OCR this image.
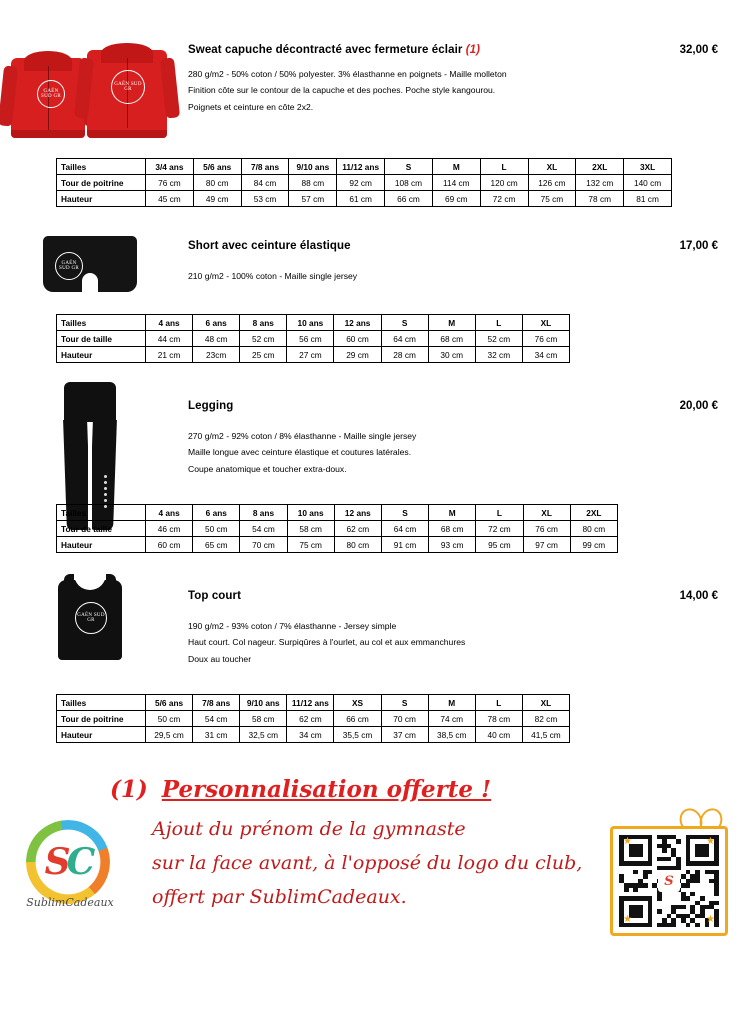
GAËN SUD GR
GAËN SUD GR

Sweat capuche décontracté avec fermeture éclair (1)

280 g/m2 - 50% coton / 50% polyester. 3% élasthanne en poignets - Maille molleton

Finition côte sur le contour de la capuche et des poches. Poche style kangourou.

Poignets et ceinture en côte 2x2.

32,00 €
Tailles	3/4 ans	5/6 ans	7/8 ans	9/10 ans	11/12 ans	S	M	L	XL	2XL	3XL
Tour de poitrine	76 cm	80 cm	84 cm	88 cm	92 cm	108 cm	114 cm	120 cm	126 cm	132 cm	140 cm
Hauteur	45 cm	49 cm	53 cm	57 cm	61 cm	66 cm	69 cm	72 cm	75 cm	78 cm	81 cm
GAËN SUD GR

Short avec ceinture élastique

210 g/m2 - 100% coton - Maille single jersey

17,00 €
Tailles	4 ans	6 ans	8 ans	10 ans	12 ans	S	M	L	XL
Tour de taille	44 cm	48 cm	52 cm	56 cm	60 cm	64 cm	68 cm	52 cm	76 cm
Hauteur	21 cm	23cm	25 cm	27 cm	29 cm	28 cm	30 cm	32 cm	34 cm

Legging

270 g/m2 - 92% coton / 8% élasthanne - Maille single jersey

Maille longue avec ceinture élastique et coutures latérales.

Coupe anatomique et toucher extra-doux.

20,00 €
Tailles	4 ans	6 ans	8 ans	10 ans	12 ans	S	M	L	XL	2XL
Tour de taille	46 cm	50 cm	54 cm	58 cm	62 cm	64 cm	68 cm	72 cm	76 cm	80 cm
Hauteur	60 cm	65 cm	70 cm	75 cm	80 cm	91 cm	93 cm	95 cm	97 cm	99 cm
GAËN SUD GR

Top court

190 g/m2 - 93% coton / 7% élasthanne - Jersey simple

Haut court. Col nageur. Surpiqûres à l'ourlet, au col et aux emmanchures

Doux au toucher

14,00 €
Tailles	5/6 ans	7/8 ans	9/10 ans	11/12 ans	XS	S	M	L	XL
Tour de poitrine	50 cm	54 cm	58 cm	62 cm	66 cm	70 cm	74 cm	78 cm	82 cm
Hauteur	29,5 cm	31 cm	32,5 cm	34 cm	35,5 cm	37 cm	38,5 cm	40 cm	41,5 cm
(1) Personnalisation offerte !
Ajout du prénom de la gymnaste
sur la face avant, à l'opposé du logo du club,
offert par SublimCadeaux.
S C
SublimCadeaux
S
★	★
★	★
